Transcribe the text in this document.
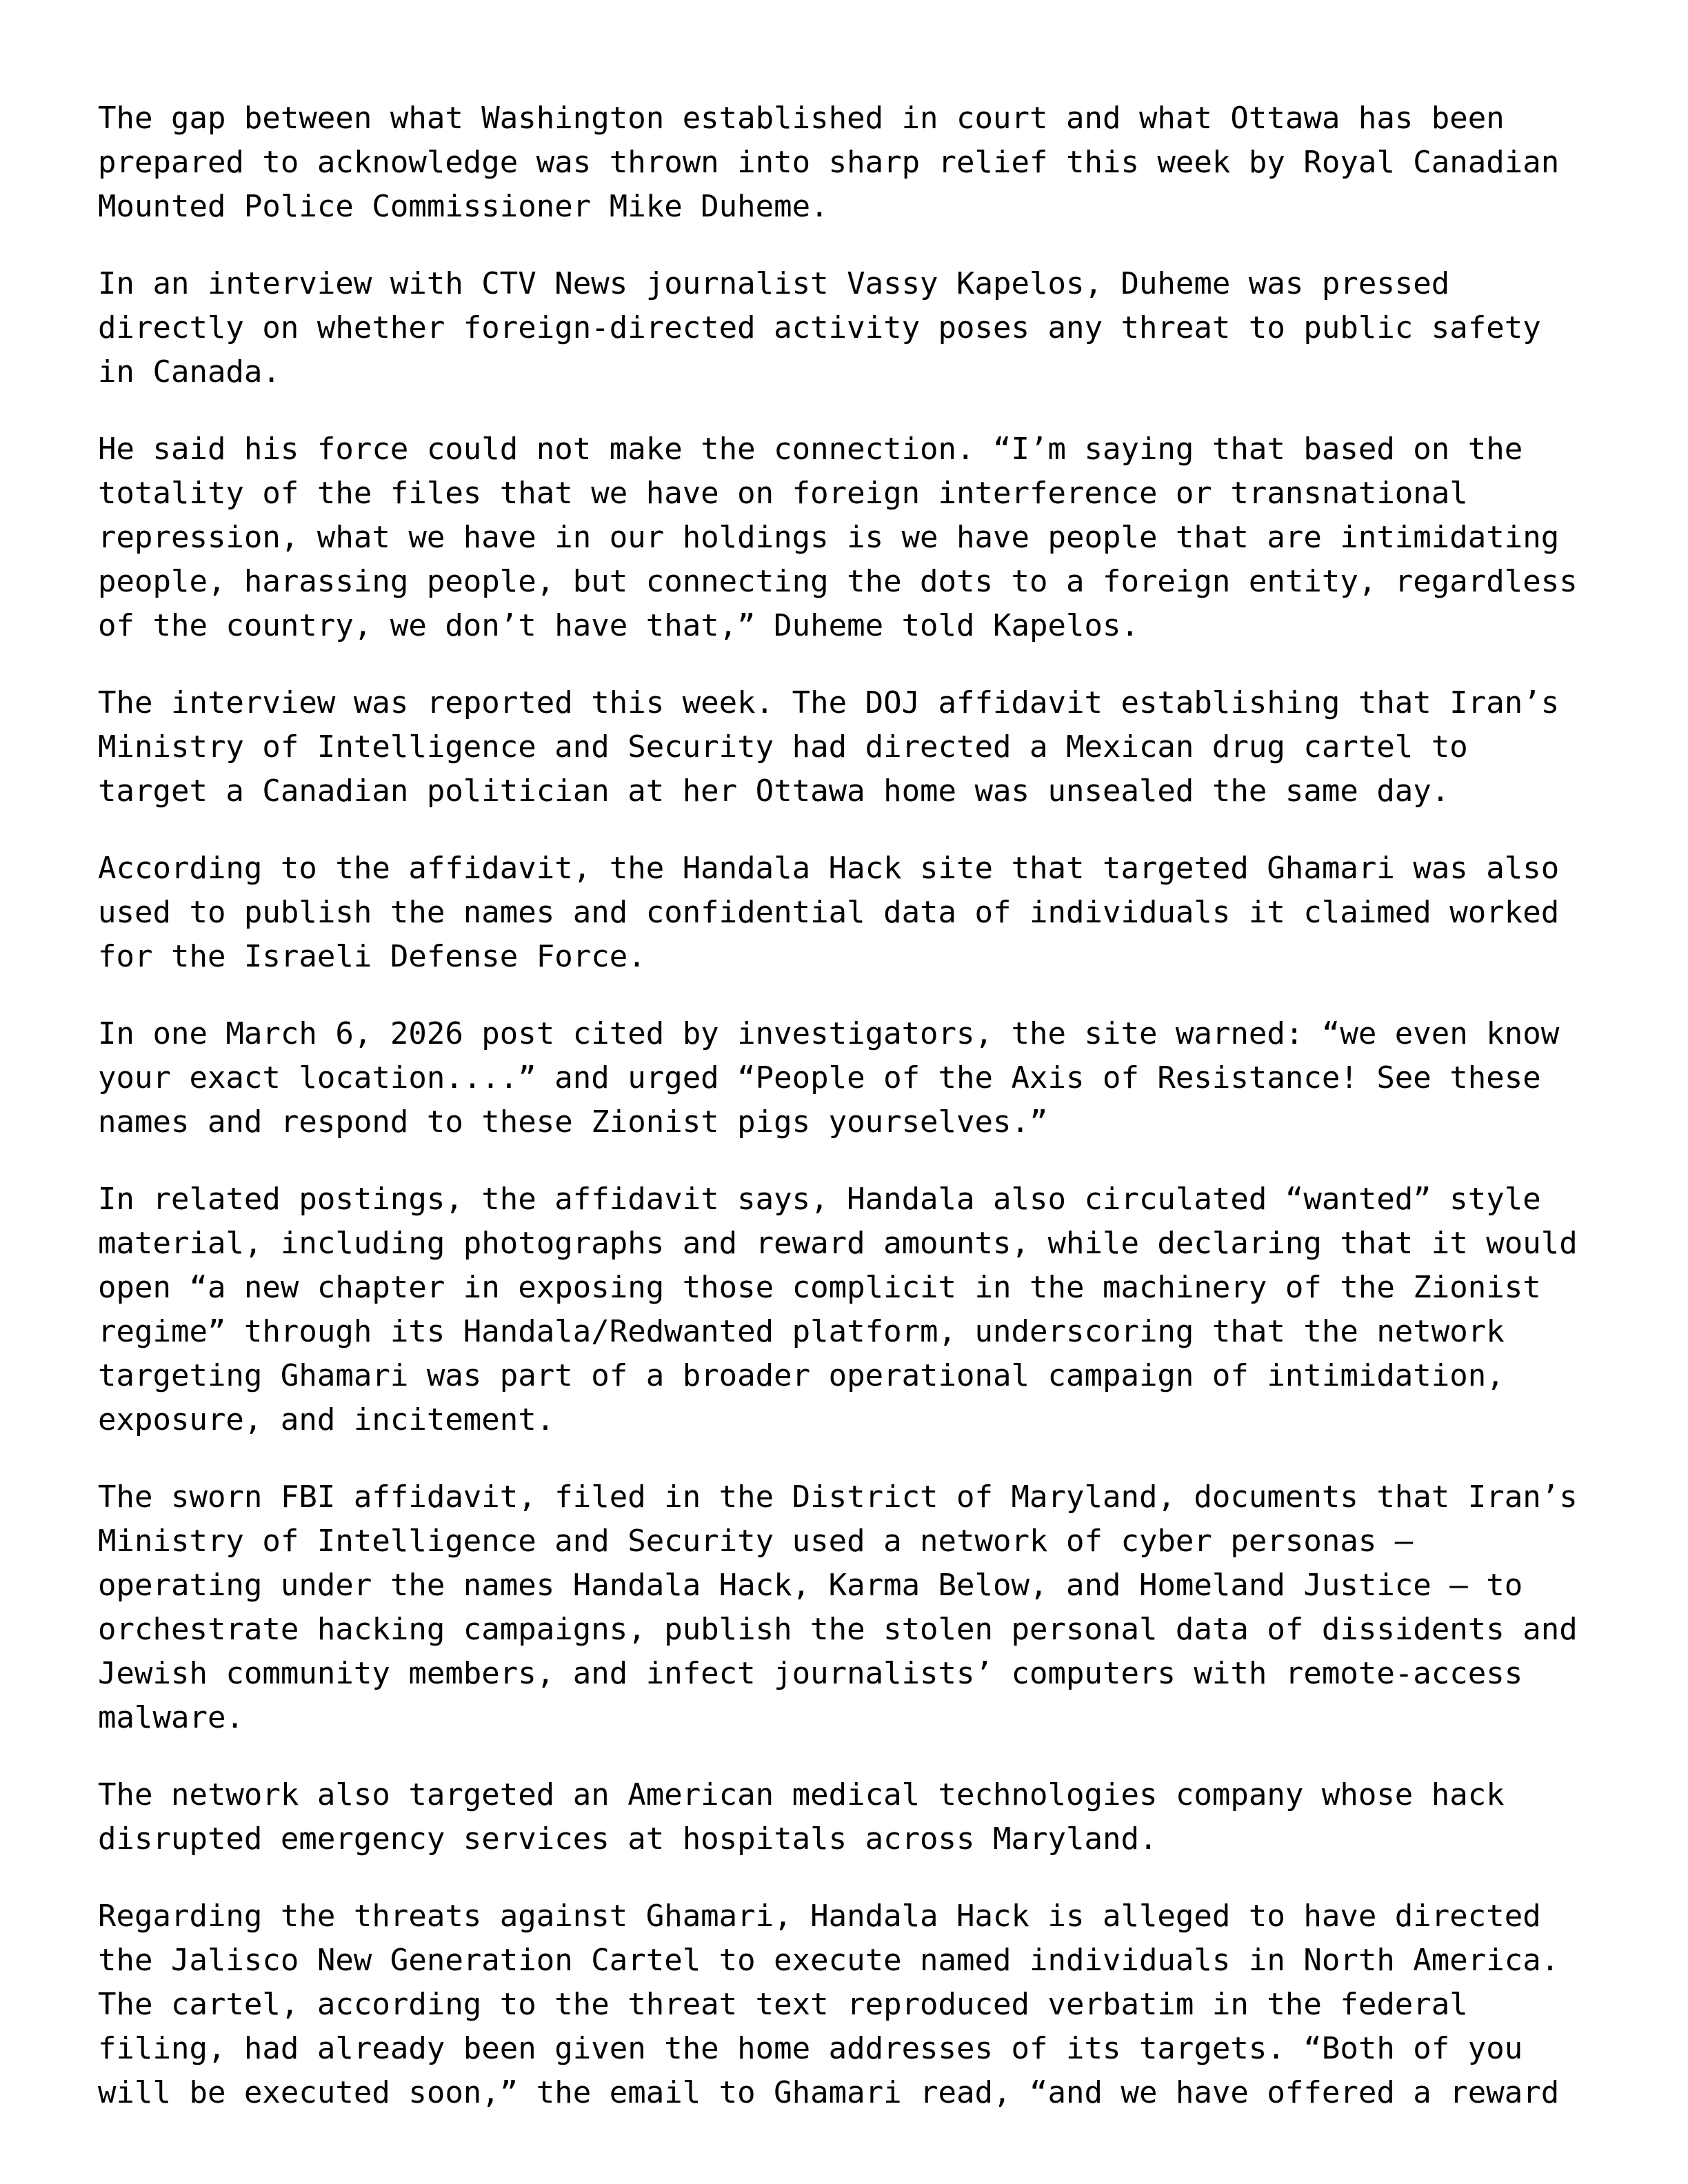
The gap between what Washington established in court and what Ottawa has been
prepared to acknowledge was thrown into sharp relief this week by Royal Canadian
Mounted Police Commissioner Mike Duheme.

In an interview with CTV News journalist Vassy Kapelos, Duheme was pressed
directly on whether foreign-directed activity poses any threat to public safety
in Canada.

He said his force could not make the connection. “I’m saying that based on the
totality of the files that we have on foreign interference or transnational
repression, what we have in our holdings is we have people that are intimidating
people, harassing people, but connecting the dots to a foreign entity, regardless
of the country, we don’t have that,” Duheme told Kapelos.

The interview was reported this week. The DOJ affidavit establishing that Iran’s
Ministry of Intelligence and Security had directed a Mexican drug cartel to
target a Canadian politician at her Ottawa home was unsealed the same day.

According to the affidavit, the Handala Hack site that targeted Ghamari was also
used to publish the names and confidential data of individuals it claimed worked
for the Israeli Defense Force.

In one March 6, 2026 post cited by investigators, the site warned: “we even know
your exact location....” and urged “People of the Axis of Resistance! See these
names and respond to these Zionist pigs yourselves.”

In related postings, the affidavit says, Handala also circulated “wanted” style
material, including photographs and reward amounts, while declaring that it would
open “a new chapter in exposing those complicit in the machinery of the Zionist
regime” through its Handala/Redwanted platform, underscoring that the network
targeting Ghamari was part of a broader operational campaign of intimidation,
exposure, and incitement.

The sworn FBI affidavit, filed in the District of Maryland, documents that Iran’s
Ministry of Intelligence and Security used a network of cyber personas —
operating under the names Handala Hack, Karma Below, and Homeland Justice — to
orchestrate hacking campaigns, publish the stolen personal data of dissidents and
Jewish community members, and infect journalists’ computers with remote-access
malware.

The network also targeted an American medical technologies company whose hack
disrupted emergency services at hospitals across Maryland.

Regarding the threats against Ghamari, Handala Hack is alleged to have directed
the Jalisco New Generation Cartel to execute named individuals in North America.
The cartel, according to the threat text reproduced verbatim in the federal
filing, had already been given the home addresses of its targets. “Both of you
will be executed soon,” the email to Ghamari read, “and we have offered a reward
